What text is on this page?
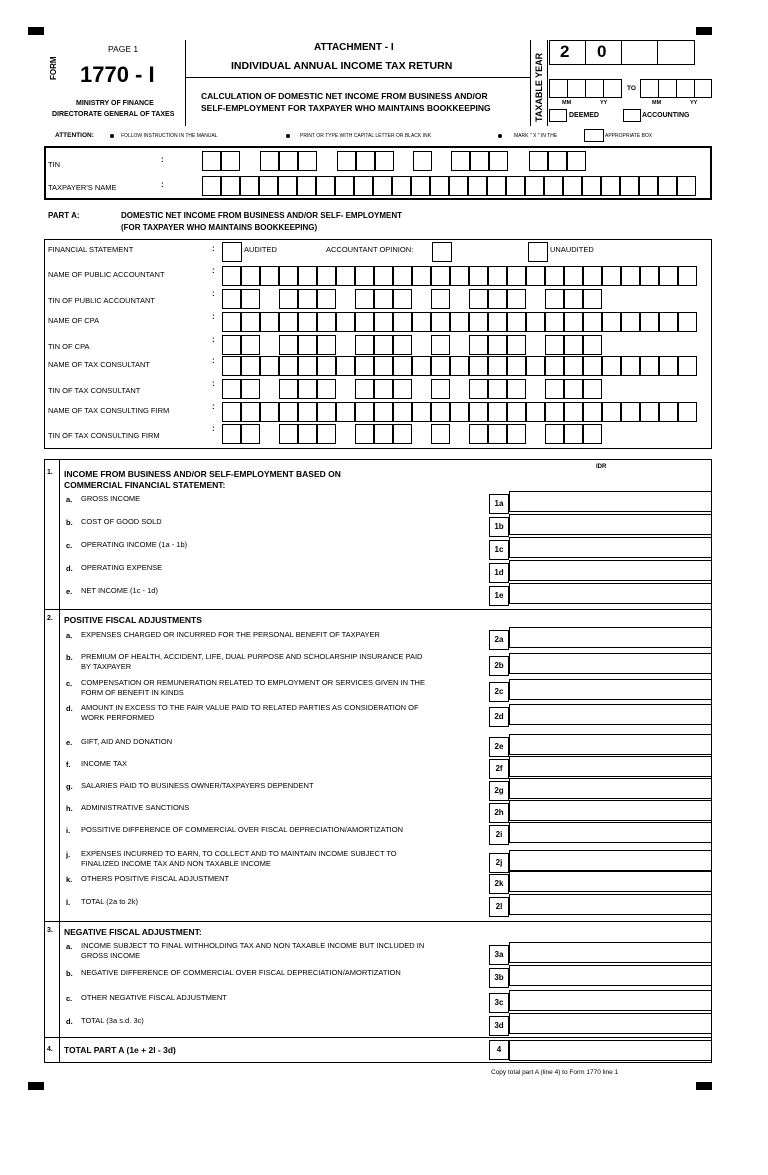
FORM
PAGE 1
1770 - I
MINISTRY OF FINANCE
DIRECTORATE GENERAL OF TAXES
ATTACHMENT - I
INDIVIDUAL ANNUAL INCOME TAX RETURN
CALCULATION OF DOMESTIC NET INCOME FROM BUSINESS AND/OR
SELF-EMPLOYMENT FOR TAXPAYER WHO MAINTAINS BOOKKEEPING	TAXABLE YEAR
2 0
TO
MM	YY	MM	YY
DEEMED	ACCOUNTING
ATTENTION:	FOLLOW INSTRUCTION IN THE MANUAL	PRINT OR TYPE WITH CAPITAL LETTER OR BLACK INK	MARK " X " IN THE	APPROPRIATE BOX
TIN
:
TAXPAYER'S NAME	:
PART A:	DOMESTIC NET INCOME FROM BUSINESS AND/OR SELF- EMPLOYMENT
(FOR TAXPAYER WHO MAINTAINS BOOKKEEPING)
FINANCIAL STATEMENT	:	AUDITED	ACCOUNTANT OPINION:	UNAUDITED
NAME OF PUBLIC ACCOUNTANT	:
TIN OF PUBLIC ACCOUNTANT
:
NAME OF CPA	:
TIN OF CPA
:
NAME OF TAX CONSULTANT	:
TIN OF TAX CONSULTANT
:
NAME OF TAX CONSULTING FIRM	:
TIN OF TAX CONSULTING FIRM
:
IDR
1. INCOME FROM BUSINESS AND/OR SELF-EMPLOYMENT BASED ON
COMMERCIAL FINANCIAL STATEMENT:
a. GROSS INCOME
1a
b. COST OF GOOD SOLD
1b
c. OPERATING INCOME (1a - 1b)
1c
d. OPERATING EXPENSE
1d
e. NET INCOME (1c - 1d)
1e
2. POSITIVE FISCAL ADJUSTMENTS
a. EXPENSES CHARGED OR INCURRED FOR THE PERSONAL BENEFIT OF TAXPAYER
2a
b. PREMIUM OF HEALTH, ACCIDENT, LIFE, DUAL PURPOSE AND SCHOLARSHIP INSURANCE PAID
BY TAXPAYER	2b
c. COMPENSATION OR REMUNERATION RELATED TO EMPLOYMENT OR SERVICES GIVEN IN THE
FORM OF BENEFIT IN KINDS	2c
d. AMOUNT IN EXCESS TO THE FAIR VALUE PAID TO RELATED PARTIES AS CONSIDERATION OF
WORK PERFORMED	2d
e. GIFT, AID AND DONATION
2e
f. INCOME TAX
2f
g. SALARIES PAID TO BUSINESS OWNER/TAXPAYERS DEPENDENT
2g
h. ADMINISTRATIVE SANCTIONS
2h
i. POSSITIVE DIFFERENCE OF COMMERCIAL OVER FISCAL DEPRECIATION/AMORTIZATION
2i
j. EXPENSES INCURRED TO EARN, TO COLLECT AND TO MAINTAIN INCOME SUBJECT TO
FINALIZED INCOME TAX AND NON TAXABLE INCOME	2j
k. OTHERS POSITIVE FISCAL ADJUSTMENT
2k
l. TOTAL (2a to 2k)
2l
3. NEGATIVE FISCAL ADJUSTMENT:
a. INCOME SUBJECT TO FINAL WITHHOLDING TAX AND NON TAXABLE INCOME BUT INCLUDED IN
GROSS INCOME	3a
b. NEGATIVE DIFFERENCE OF COMMERCIAL OVER FISCAL DEPRECIATION/AMORTIZATION
3b
c. OTHER NEGATIVE FISCAL ADJUSTMENT
3c
d. TOTAL (3a s.d. 3c)
3d
4. TOTAL PART A (1e + 2l - 3d)	4
Copy total part A (line 4) to Form 1770 line 1
